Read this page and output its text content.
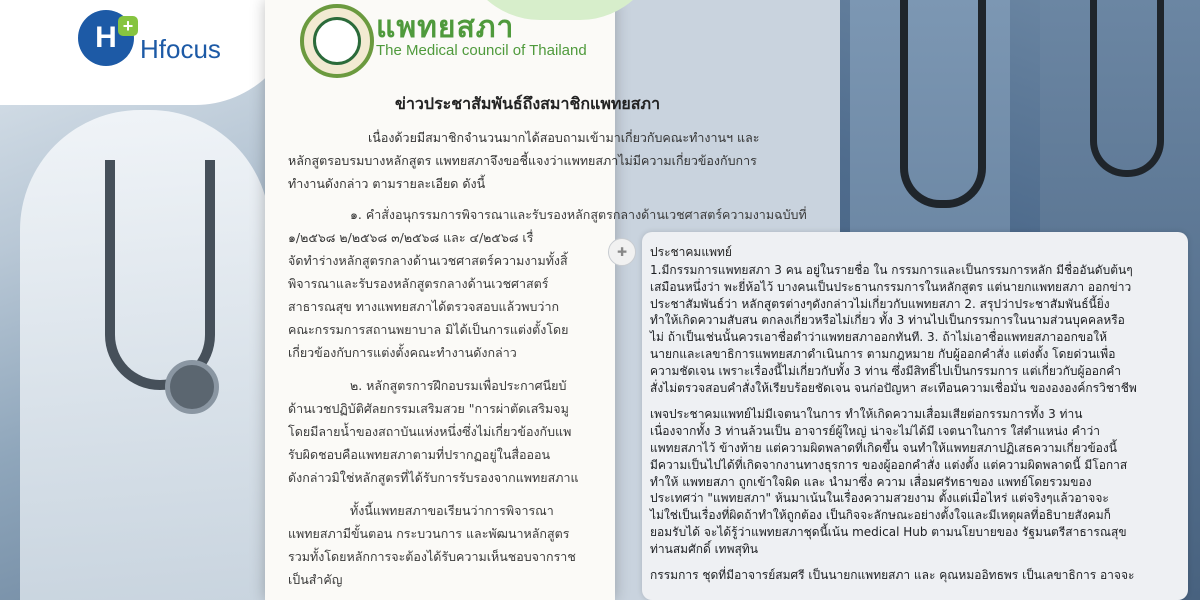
H +
Hfocus
แพทยสภา
The Medical council of Thailand
ข่าวประชาสัมพันธ์ถึงสมาชิกแพทยสภา
เนื่องด้วยมีสมาชิกจำนวนมากได้สอบถามเข้ามาเกี่ยวกับคณะทำงานฯ และ
หลักสูตรอบรมบางหลักสูตร แพทยสภาจึงขอชี้แจงว่าแพทยสภาไม่มีความเกี่ยวข้องกับการ
ทำงานดังกล่าว ตามรายละเอียด ดังนี้
๑. คำสั่งอนุกรรมการพิจารณาและรับรองหลักสูตรกลางด้านเวชศาสตร์ความงามฉบับที่
๑/๒๕๖๘ ๒/๒๕๖๘ ๓/๒๕๖๘ และ ๔/๒๕๖๘ เรื่
จัดทำร่างหลักสูตรกลางด้านเวชศาสตร์ความงามทั้งสิ้
พิจารณาและรับรองหลักสูตรกลางด้านเวชศาสตร์
สาธารณสุข ทางแพทยสภาได้ตรวจสอบแล้วพบว่าก
คณะกรรมการสถานพยาบาล มิได้เป็นการแต่งตั้งโดย
เกี่ยวข้องกับการแต่งตั้งคณะทำงานดังกล่าว
๒. หลักสูตรการฝึกอบรมเพื่อประกาศนียบั
ด้านเวชปฏิบัติศัลยกรรมเสริมสวย "การผ่าตัดเสริมจมู
โดยมีลายน้ำของสถาบันแห่งหนึ่งซึ่งไม่เกี่ยวข้องกับแพ
รับผิดชอบคือแพทยสภาตามที่ปรากฏอยู่ในสื่อออน
ดังกล่าวมิใช่หลักสูตรที่ได้รับการรับรองจากแพทยสภาแ
ทั้งนี้แพทยสภาขอเรียนว่าการพิจารณา
แพทยสภามีขั้นตอน กระบวนการ และพัฒนาหลักสูตร
รวมทั้งโดยหลักการจะต้องได้รับความเห็นชอบจากราช
เป็นสำคัญ
✚	ประชาคมแพทย์
1.มีกรรมการแพทยสภา 3 คน อยู่ในรายชื่อ ใน กรรมการและเป็นกรรมการหลัก มีชื่ออันดับต้นๆ
เสมือนหนึ่งว่า พะยี่ห้อไว้ บางคนเป็นประธานกรรมการในหลักสูตร แต่นายกแพทยสภา ออกข่าว
ประชาสัมพันธ์ว่า หลักสูตรต่างๆดังกล่าวไม่เกี่ยวกับแพทยสภา 2. สรุปว่าประชาสัมพันธ์นี้ยิ่ง
ทำให้เกิดความสับสน ตกลงเกี่ยวหรือไม่เกี่ยว ทั้ง 3 ท่านไปเป็นกรรมการในนามส่วนบุคคลหรือ
ไม่ ถ้าเป็นเช่นนั้นควรเอาชื่อตำว่าแพทยสภาออกทันที. 3. ถ้าไม่เอาชื่อแพทยสภาออกขอให้
นายกและเลขาธิการแพทยสภาดำเนินการ ตามกฎหมาย กับผู้ออกคำสั่ง แต่งตั้ง โดยด่วนเพื่อ
ความชัดเจน เพราะเรื่องนี้ไม่เกี่ยวกับทั้ง 3 ท่าน ซึ่งมีสิทธิ์ไปเป็นกรรมการ แต่เกี่ยวกับผู้ออกคำ
สั่งไม่ตรวจสอบคำสั่งให้เรียบร้อยชัดเจน จนก่อปัญหา สะเทือนความเชื่อมั่น ของององค์กรวิชาชีพ
เพจประชาคมแพทย์ไม่มีเจตนาในการ ทำให้เกิดความเสื่อมเสียต่อกรรมการทั้ง 3 ท่าน
เนื่องจากทั้ง 3 ท่านล้วนเป็น อาจารย์ผู้ใหญ่ น่าจะไม่ได้มี เจตนาในการ ใส่ตำแหน่ง คำว่า
แพทยสภาไว้ ข้างท้าย แต่ความผิดพลาดที่เกิดขึ้น จนทำให้แพทยสภาปฏิเสธความเกี่ยวข้องนี้
มีความเป็นไปได้ที่เกิดจากงานทางธุรการ ของผู้ออกคำสั่ง แต่งตั้ง แต่ความผิดพลาดนี้ มีโอกาส
ทำให้ แพทยสภา ถูกเข้าใจผิด และ นำมาซึ่ง ความ เสื่อมศรัทธาของ แพทย์โดยรวมของ
ประเทศว่า "แพทยสภา" ห้นมาเน้นในเรื่องความสวยงาม ตั้งแต่เมื่อไหร่ แต่จริงๆแล้วอาจจะ
ไม่ใช่เป็นเรื่องที่ผิดถ้าทำให้ถูกต้อง เป็นกิจจะลักษณะอย่างตั้งใจและมีเหตุผลที่อธิบายสังคมก็
ยอมรับได้ จะได้รู้ว่าแพทยสภาชุดนี้เน้น medical Hub ตามนโยบายของ รัฐมนตรีสาธารณสุข
ท่านสมศักดิ์ เทพสุทิน
กรรมการ ชุดที่มีอาจารย์สมศรี เป็นนายกแพทยสภา และ คุณหมออิทธพร เป็นเลขาธิการ อาจจะ
